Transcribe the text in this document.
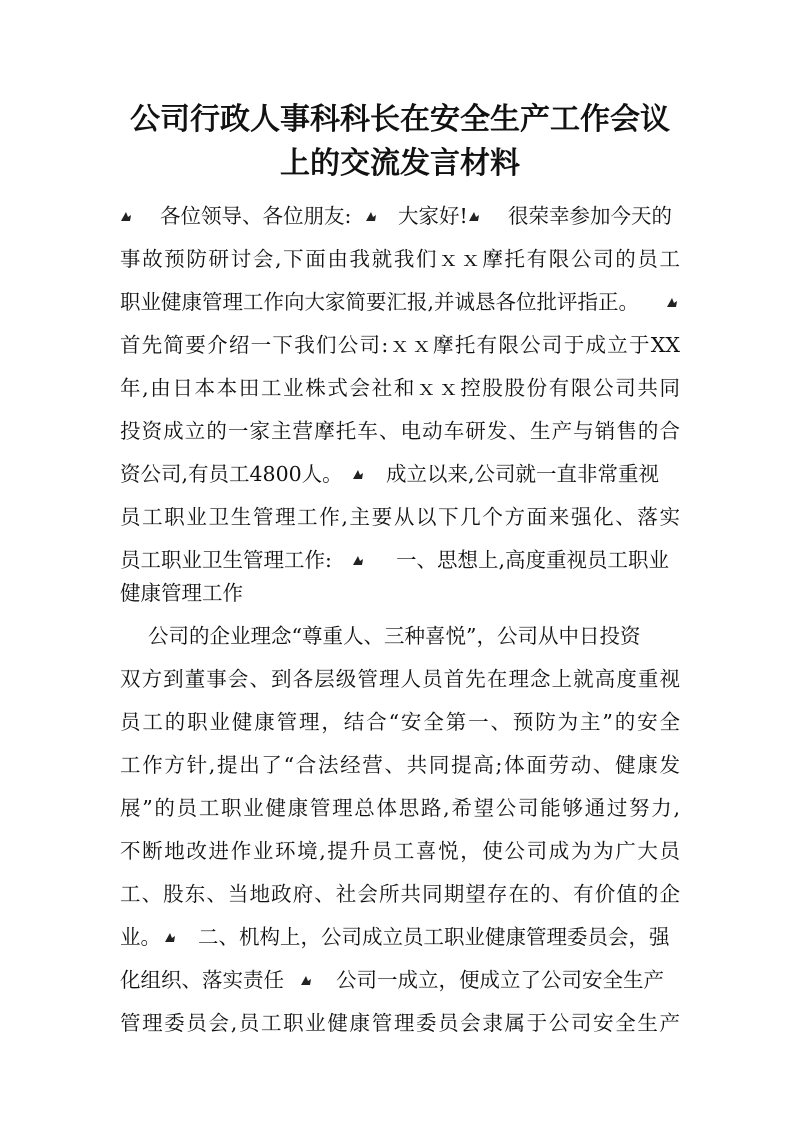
公司行政人事科科长在安全生产工作会议
上的交流发言材料
各位领导、各位朋友: 大家好! 很荣幸参加今天的
事故预防研讨会,下面由我就我们ｘｘ摩托有限公司的员工
职业健康管理工作向大家简要汇报,并诚恳各位批评指正。
首先简要介绍一下我们公司:ｘｘ摩托有限公司于成立于XX
年,由日本本田工业株式会社和ｘｘ控股股份有限公司共同
投资成立的一家主营摩托车、电动车研发、生产与销售的合
资公司,有员工4800人。 成立以来,公司就一直非常重视
员工职业卫生管理工作,主要从以下几个方面来强化、落实
员工职业卫生管理工作:	一、思想上,高度重视员工职业
健康管理工作
公司的企业理念“尊重人、三种喜悦”，公司从中日投资
双方到董事会、到各层级管理人员首先在理念上就高度重视
员工的职业健康管理，结合“安全第一、预防为主”的安全
工作方针,提出了“合法经营、共同提高;体面劳动、健康发
展”的员工职业健康管理总体思路,希望公司能够通过努力,
不断地改进作业环境,提升员工喜悦，使公司成为为广大员
工、股东、当地政府、社会所共同期望存在的、有价值的企
业。 二、机构上，公司成立员工职业健康管理委员会，强
化组织、落实责任	公司一成立，便成立了公司安全生产
管理委员会,员工职业健康管理委员会隶属于公司安全生产
